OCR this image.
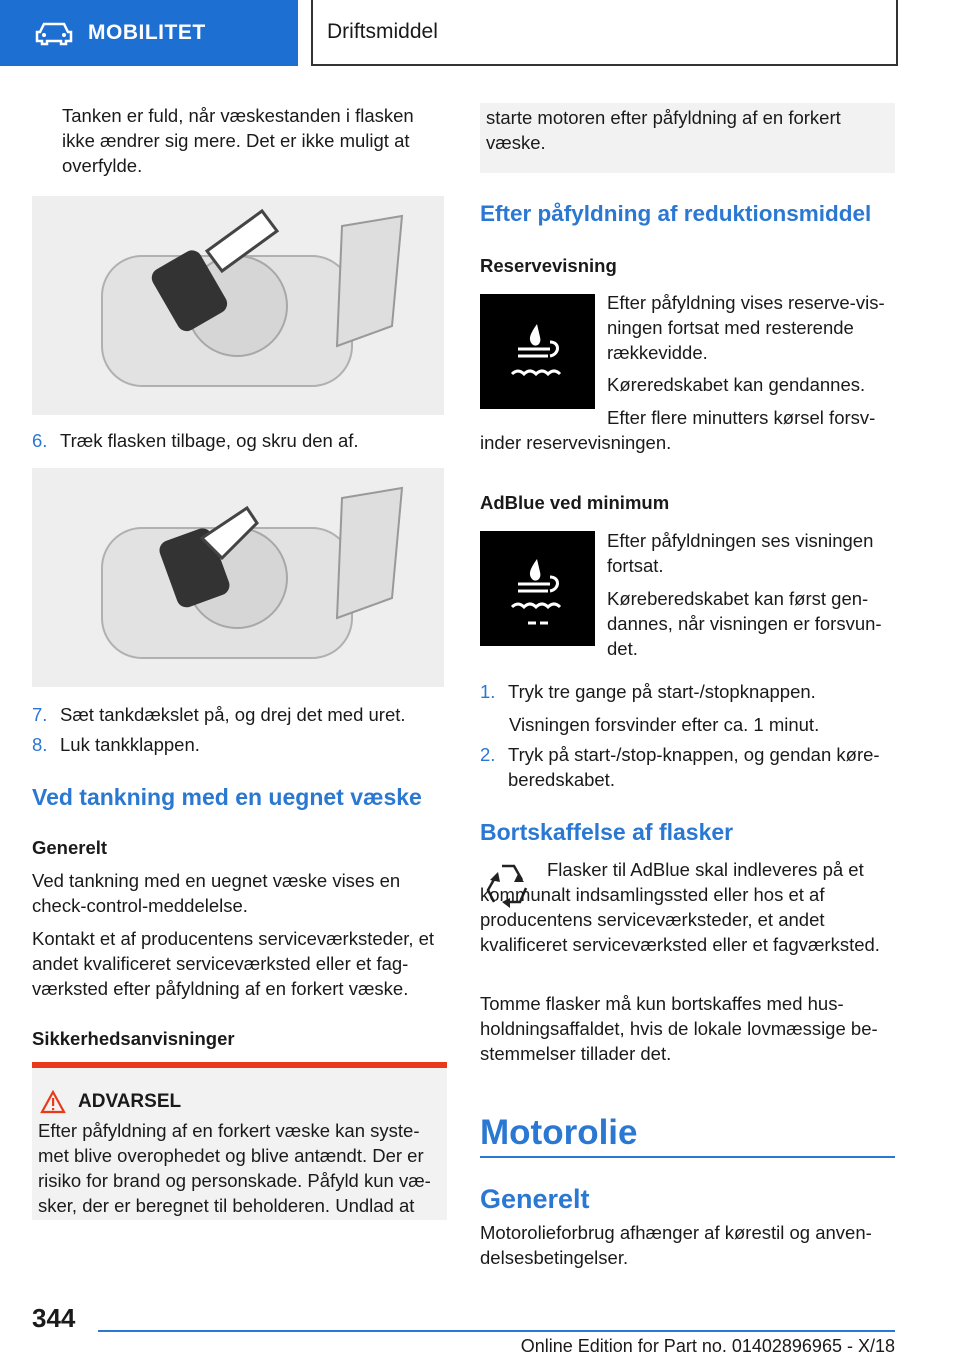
MOBILITET	Driftsmiddel
Tanken er fuld, når væskestanden i flasken ikke ændrer sig mere. Det er ikke muligt at overfylde.
6. Træk flasken tilbage, og skru den af.
7. Sæt tankdækslet på, og drej det med uret.
8. Luk tankklappen.
Ved tankning med en uegnet væske
Generelt
Ved tankning med en uegnet væske vises en check-control-meddelelse.
Kontakt et af producentens serviceværksteder, et andet kvalificeret serviceværksted eller et fagværksted efter påfyldning af en forkert væske.
Sikkerhedsanvisninger
ADVARSEL
Efter påfyldning af en forkert væske kan systemet blive overophedet og blive antændt. Der er risiko for brand og personskade. Påfyld kun væsker, der er beregnet til beholderen. Undlad at
starte motoren efter påfyldning af en forkert væske.
Efter påfyldning af reduktionsmiddel
Reservevisning
Efter påfyldning vises reserve-visningen fortsat med resterende rækkevidde.
Køreredskabet kan gendannes.
Efter flere minutters kørsel forsvinder reservevisningen.
AdBlue ved minimum
Efter påfyldningen ses visningen fortsat.
Køreberedskabet kan først gendannes, når visningen er forsvundet.
1. Tryk tre gange på start-/stopknappen.
Visningen forsvinder efter ca. 1 minut.
2. Tryk på start-/stop-knappen, og gendan køreberedskabet.
Bortskaffelse af flasker
Flasker til AdBlue skal indleveres på et kommunalt indsamlingssted eller hos et af producentens serviceværksteder, et andet kvalificeret serviceværksted eller et fagværksted.
Tomme flasker må kun bortskaffes med husholdningsaffaldet, hvis de lokale lovmæssige bestemmelser tillader det.
Motorolie
Generelt
Motorolieforbrug afhænger af kørestil og anvendelsesbetingelser.
344
Online Edition for Part no. 01402896965 - X/18
